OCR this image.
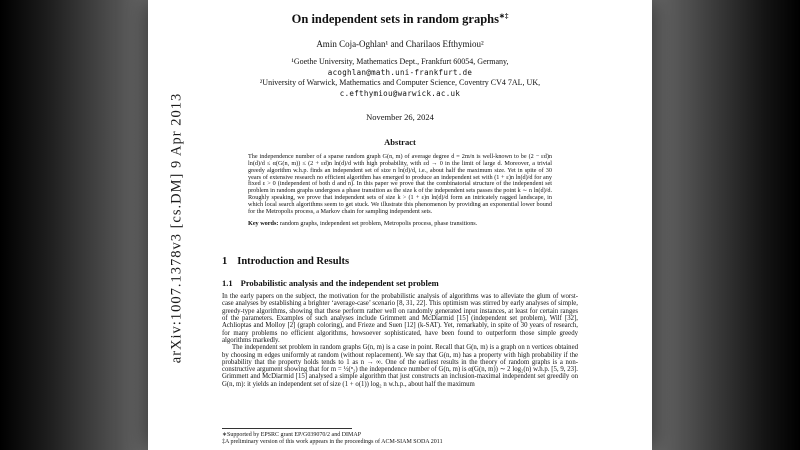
arXiv:1007.1378v3 [cs.DM] 9 Apr 2013
On independent sets in random graphs∗‡
Amin Coja-Oghlan¹ and Charilaos Efthymiou²
¹Goethe University, Mathematics Dept., Frankfurt 60054, Germany,
acoghlan@math.uni-frankfurt.de
²University of Warwick, Mathematics and Computer Science, Coventry CV4 7AL, UK,
c.efthymiou@warwick.ac.uk
November 26, 2024
Abstract
The independence number of a sparse random graph G(n, m) of average degree d = 2m/n is well-known to be (2 − εd)n ln(d)/d ≤ α(G(n, m)) ≤ (2 + εd)n ln(d)/d with high probability, with εd → 0 in the limit of large d. Moreover, a trivial greedy algorithm w.h.p. finds an independent set of size n ln(d)/d, i.e., about half the maximum size. Yet in spite of 30 years of extensive research no efficient algorithm has emerged to produce an independent set with (1 + ε)n ln(d)/d for any fixed ε > 0 (independent of both d and n). In this paper we prove that the combinatorial structure of the independent set problem in random graphs undergoes a phase transition as the size k of the independent sets passes the point k ∼ n ln(d)/d. Roughly speaking, we prove that independent sets of size k > (1 + ε)n ln(d)/d form an intricately ragged landscape, in which local search algorithms seem to get stuck. We illustrate this phenomenon by providing an exponential lower bound for the Metropolis process, a Markov chain for sampling independent sets.
Key words: random graphs, independent set problem, Metropolis process, phase transitions.
1 Introduction and Results
1.1 Probabilistic analysis and the independent set problem
In the early papers on the subject, the motivation for the probabilistic analysis of algorithms was to alleviate the glum of worst-case analyses by establishing a brighter ‘average-case’ scenario [8, 31, 22]. This optimism was stirred by early analyses of simple, greedy-type algorithms, showing that these perform rather well on randomly generated input instances, at least for certain ranges of the parameters. Examples of such analyses include Grimmett and McDiarmid [15] (independent set problem), Wilf [32], Achlioptas and Molloy [2] (graph coloring), and Frieze and Suen [12] (k-SAT). Yet, remarkably, in spite of 30 years of research, for many problems no efficient algorithms, howsoever sophisticated, have been found to outperform those simple greedy algorithms markedly.
The independent set problem in random graphs G(n, m) is a case in point. Recall that G(n, m) is a graph on n vertices obtained by choosing m edges uniformly at random (without replacement). We say that G(n, m) has a property with high probability if the probability that the property holds tends to 1 as n → ∞. One of the earliest results in the theory of random graphs is a non-constructive argument showing that for m = ½(ⁿ₂) the independence number of G(n, m) is α(G(n, m)) ∼ 2 log₂(n) w.h.p. [5, 9, 23]. Grimmett and McDiarmid [15] analysed a simple algorithm that just constructs an inclusion-maximal independent set greedily on G(n, m): it yields an independent set of size (1 + o(1)) log₂ n w.h.p., about half the maximum
∗Supported by EPSRC grant EP/G039070/2 and DIMAP
‡A preliminary version of this work appears in the proceedings of ACM-SIAM SODA 2011
